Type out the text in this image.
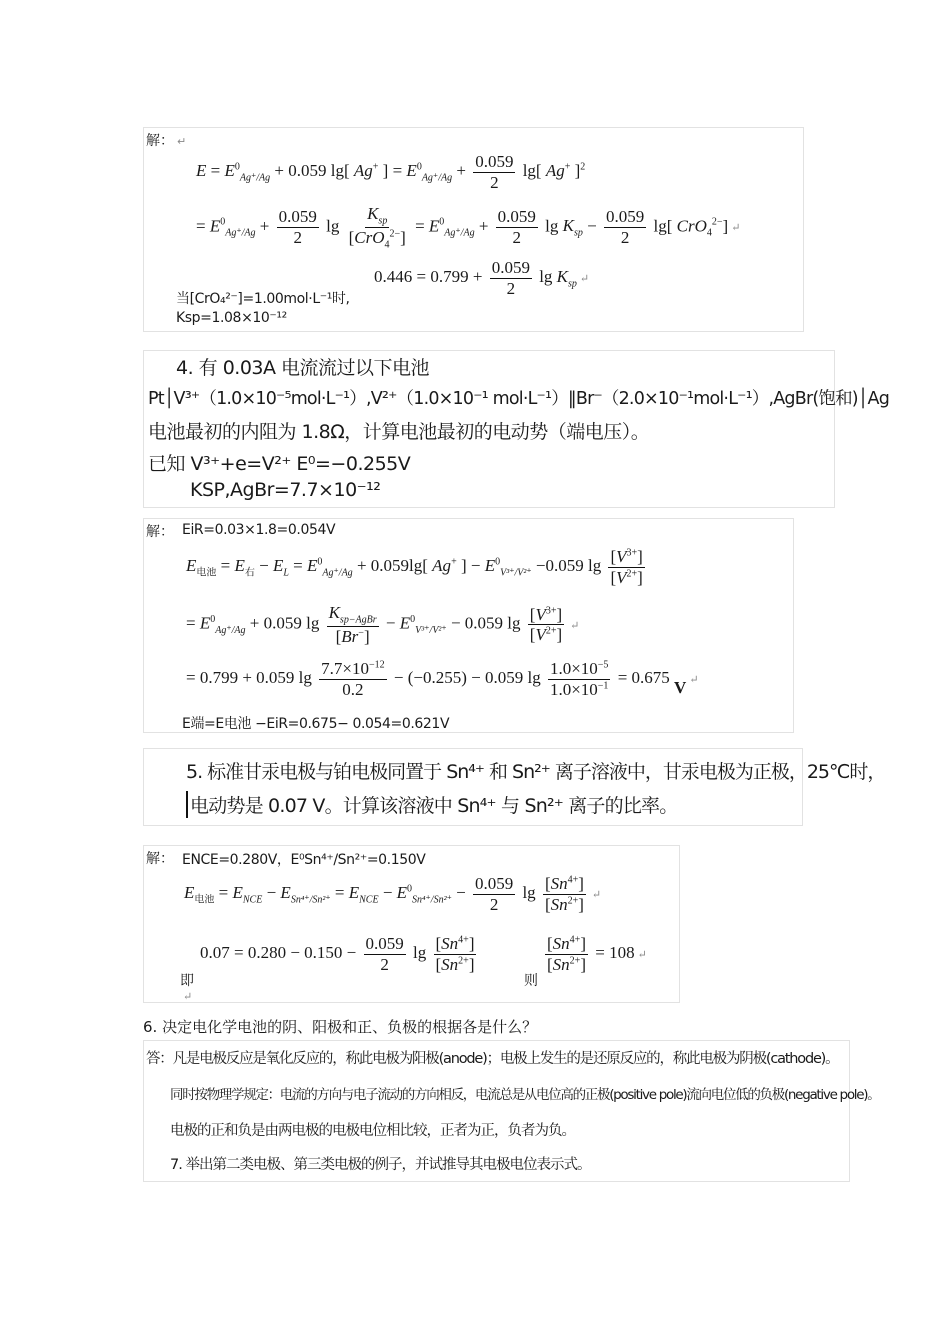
解： ↵
$E = E^0_{Ag^+/Ag} + 0.059$ lg[ Ag+ ] = $E^0_{Ag^+/Ag} + \frac{0.059}{2} \lg$[ Ag+ ]$^2$
= $E^0_{Ag^+/Ag} + \frac{0.059}{2}$ $\lg \frac{K_{sp}}{[CrO_4^{2-}]} = E^0_{Ag^+/Ag} + \frac{0.059}{2}$ $\lg K_{sp} - \frac{0.059}{2} \lg$[ CrO$_4^{2-}$] ↵
$0.446 = 0.799 + \frac{0.059}{2}$ $\lg K_{sp}$ ↵
当[CrO₄²⁻]=1.00mol·L⁻¹时,
Ksp=1.08×10⁻¹²
4. 有 0.03A 电流流过以下电池
Pt│V³⁺（1.0×10⁻⁵mol·L⁻¹）,V²⁺（1.0×10⁻¹ mol·L⁻¹）‖Br⁻（2.0×10⁻¹mol·L⁻¹）,AgBr(饱和)│Ag
电池最初的内阻为 1.8Ω，计算电池最初的电动势（端电压）。
已知 V³⁺+e=V²⁺ E⁰=−0.255V
KSP,AgBr=7.7×10⁻¹²
解： EiR=0.03×1.8=0.054V
$E_{电池} = E_右 - E_L = E^0_{Ag^+/Ag} + 0.059\lg$[ Ag+ ] − $E^0_{V^{3+}/V^{2+}} -0.059$ $\lg \frac{[V^{3+}]}{[V^{2+}]}$
= $E^0_{Ag^+/Ag} + 0.059$ $\lg \frac{K_{sp-AgBr}}{[Br^-]} - E^0_{V^{3+}/V^{2+}} - 0.059$ $\lg \frac{[V^{3+}]}{[V^{2+}]}$ ↵
= 0.799 + 0.059 $\lg \frac{7.7\times 10^{-12}}{0.2} - (-0.255) - 0.059$ $\lg \frac{1.0\times 10^{-5}}{1.0\times 10^{-1}} = 0.675$ V ↵
E端=E电池 −EiR=0.675− 0.054=0.621V
5. 标准甘汞电极与铂电极同置于 Sn⁴⁺ 和 Sn²⁺ 离子溶液中，甘汞电极为正极，25℃时，
电动势是 0.07 V。计算该溶液中 Sn⁴⁺ 与 Sn²⁺ 离子的比率。
解： ENCE=0.280V，E⁰Sn⁴⁺/Sn²⁺=0.150V
$E_{电池} = E_{NCE} - E_{Sn^{4+}/Sn^{2+}} = E_{NCE} - E^0_{Sn^{4+}/Sn^{2+}} - \frac{0.059}{2}$ $\lg \frac{[Sn^{4+}]}{[Sn^{2+}]}$ ↵
$0.07 = 0.280 - 0.150 - \frac{0.059}{2}$ $\lg \frac{[Sn^{4+}]}{[Sn^{2+}]}$
即	则
$\frac{[Sn^{4+}]}{[Sn^{2+}]} = 108$ ↵
↵
6. 决定电化学电池的阴、阳极和正、负极的根据各是什么？
答：凡是电极反应是氧化反应的，称此电极为阳极(anode)；电极上发生的是还原反应的，称此电极为阴极(cathode)。
同时按物理学规定：电流的方向与电子流动的方向相反，电流总是从电位高的正极(positive pole)流向电位低的负极(negative pole)。
电极的正和负是由两电极的电极电位相比较，正者为正，负者为负。
7. 举出第二类电极、第三类电极的例子，并试推导其电极电位表示式。
